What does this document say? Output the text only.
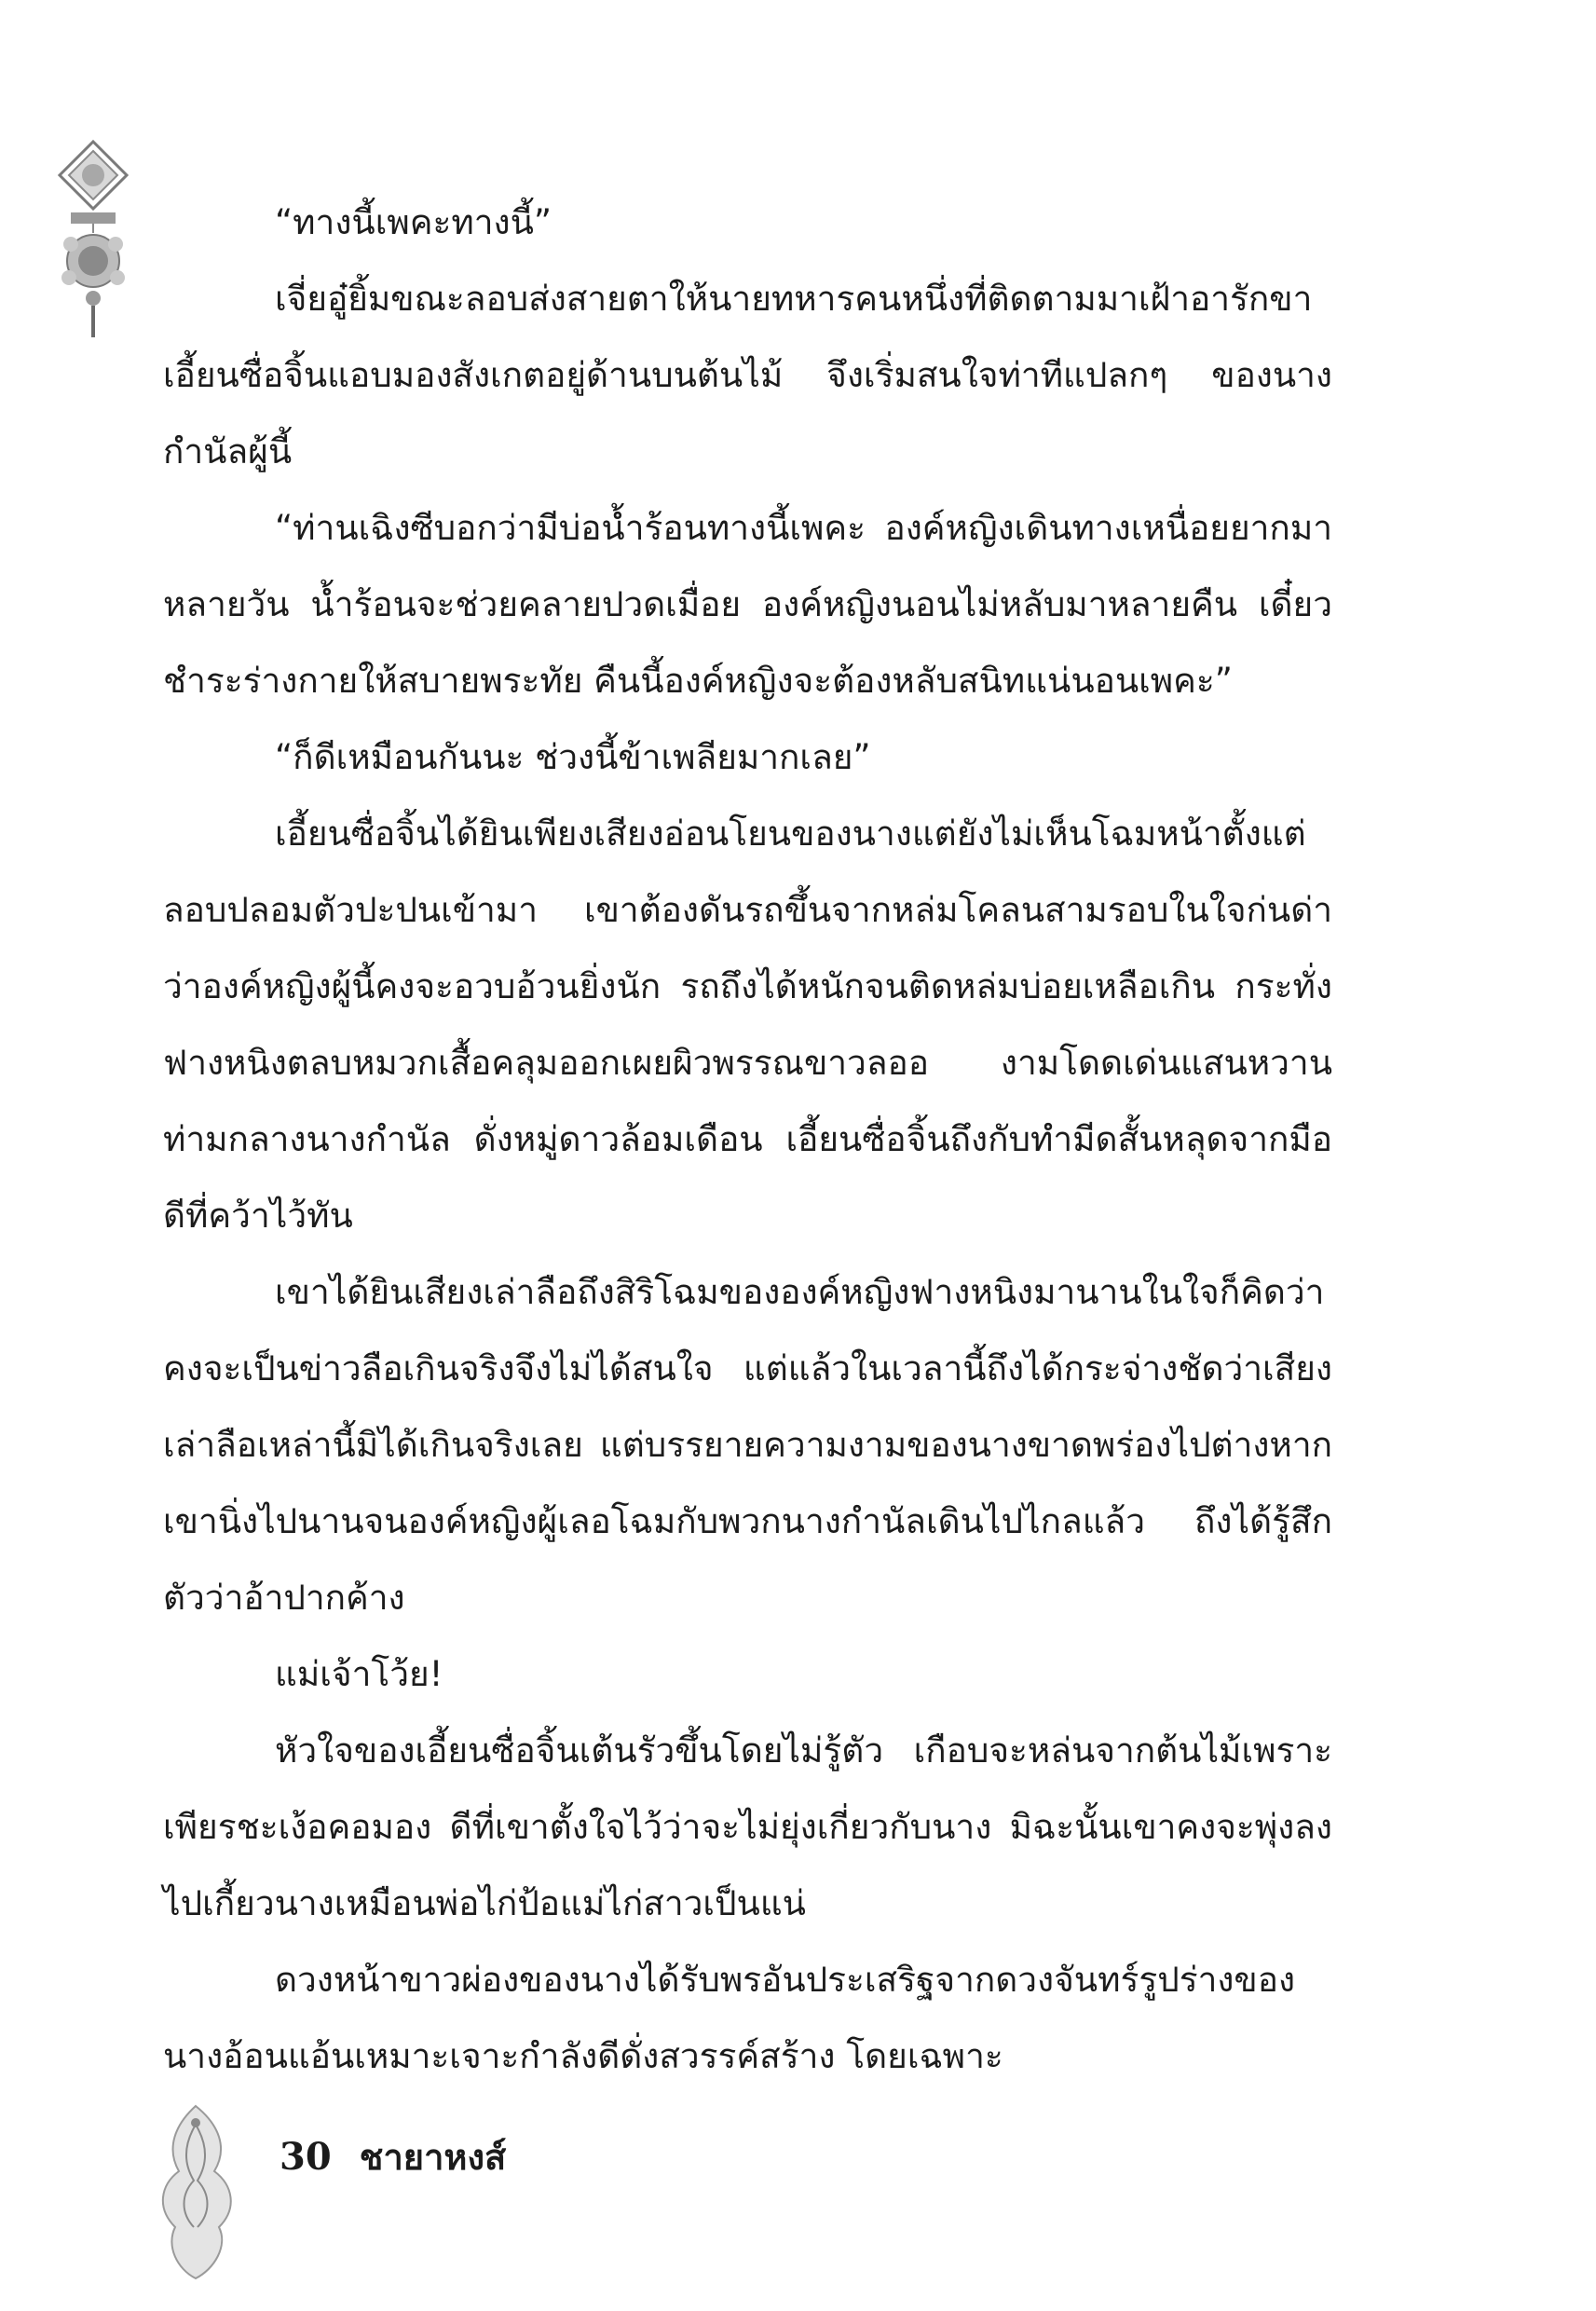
“ทางนี้เพคะทางนี้”

เจี่ยอู๋ยิ้มขณะลอบส่งสายตาให้นายทหารคนหนึ่งที่ติดตามมาเฝ้าอารักขา เอี้ยนซื่อจิ้นแอบมองสังเกตอยู่ด้านบนต้นไม้ จึงเริ่มสนใจท่าทีแปลกๆ ของนางกำนัลผู้นี้

“ท่านเฉิงซีบอกว่ามีบ่อน้ำร้อนทางนี้เพคะ องค์หญิงเดินทางเหนื่อยยากมาหลายวัน น้ำร้อนจะช่วยคลายปวดเมื่อย องค์หญิงนอนไม่หลับมาหลายคืน เดี๋ยวชำระร่างกายให้สบายพระทัย คืนนี้องค์หญิงจะต้องหลับสนิทแน่นอนเพคะ”

“ก็ดีเหมือนกันนะ ช่วงนี้ข้าเพลียมากเลย”

เอี้ยนซื่อจิ้นได้ยินเพียงเสียงอ่อนโยนของนางแต่ยังไม่เห็นโฉมหน้าตั้งแต่ลอบปลอมตัวปะปนเข้ามา เขาต้องดันรถขึ้นจากหล่มโคลนสามรอบในใจก่นด่าว่าองค์หญิงผู้นี้คงจะอวบอ้วนยิ่งนัก รถถึงได้หนักจนติดหล่มบ่อยเหลือเกิน กระทั่งฟางหนิงตลบหมวกเสื้อคลุมออกเผยผิวพรรณขาวลออ งามโดดเด่นแสนหวานท่ามกลางนางกำนัล ดั่งหมู่ดาวล้อมเดือน เอี้ยนซื่อจิ้นถึงกับทำมีดสั้นหลุดจากมือ ดีที่คว้าไว้ทัน

เขาได้ยินเสียงเล่าลือถึงสิริโฉมขององค์หญิงฟางหนิงมานานในใจก็คิดว่าคงจะเป็นข่าวลือเกินจริงจึงไม่ได้สนใจ แต่แล้วในเวลานี้ถึงได้กระจ่างชัดว่าเสียงเล่าลือเหล่านี้มิได้เกินจริงเลย แต่บรรยายความงามของนางขาดพร่องไปต่างหาก เขานิ่งไปนานจนองค์หญิงผู้เลอโฉมกับพวกนางกำนัลเดินไปไกลแล้ว ถึงได้รู้สึกตัวว่าอ้าปากค้าง

แม่เจ้าโว้ย!

หัวใจของเอี้ยนซื่อจิ้นเต้นรัวขึ้นโดยไม่รู้ตัว เกือบจะหล่นจากต้นไม้เพราะเพียรชะเง้อคอมอง ดีที่เขาตั้งใจไว้ว่าจะไม่ยุ่งเกี่ยวกับนาง มิฉะนั้นเขาคงจะพุ่งลงไปเกี้ยวนางเหมือนพ่อไก่ป้อแม่ไก่สาวเป็นแน่

ดวงหน้าขาวผ่องของนางได้รับพรอันประเสริฐจากดวงจันทร์รูปร่างของนางอ้อนแอ้นเหมาะเจาะกำลังดีดั่งสวรรค์สร้าง โดยเฉพาะ

30 ชายาหงส์
